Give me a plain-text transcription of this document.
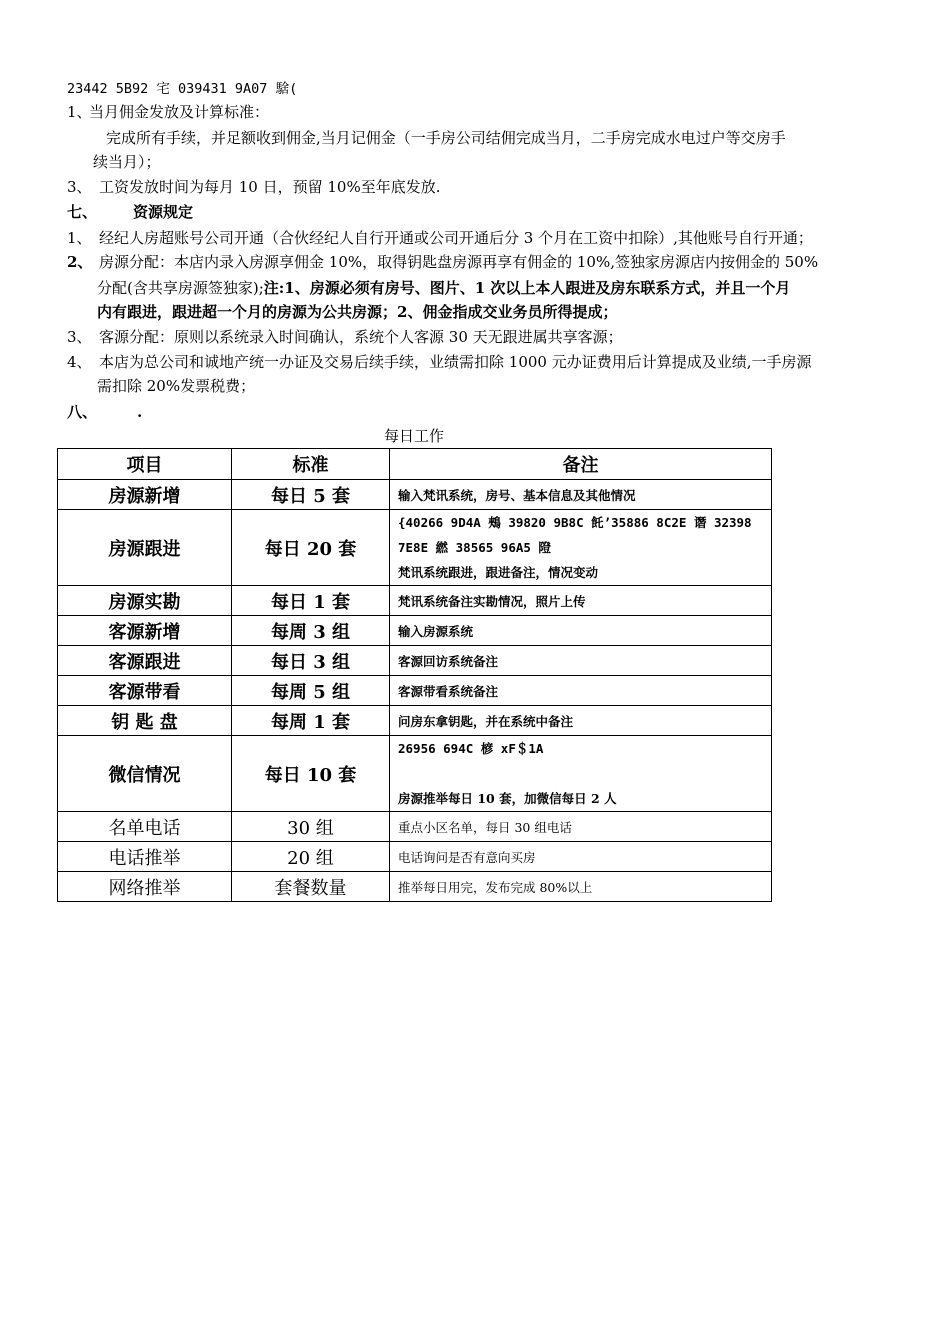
23442 5B92 宅 039431 9A07 騇(
1、当月佣金发放及计算标准：
完成所有手续，并足额收到佣金,当月记佣金（一手房公司结佣完成当月，二手房完成水电过户等交房手
续当月）；
3、 工资发放时间为每月 10 日，预留 10%至年底发放.
七、 资源规定
1、 经纪人房超账号公司开通（合伙经纪人自行开通或公司开通后分 3 个月在工资中扣除）,其他账号自行开通；
2、 房源分配：本店内录入房源享佣金 10%，取得钥匙盘房源再享有佣金的 10%,签独家房源店内按佣金的 50%
分配(含共享房源签独家);注:1、房源必须有房号、图片、1 次以上本人跟进及房东联系方式，并且一个月
内有跟进，跟进超一个月的房源为公共房源；2、佣金指成交业务员所得提成；
3、 客源分配：原则以系统录入时间确认，系统个人客源 30 天无跟进属共享客源；
4、 本店为总公司和诚地产统一办证及交易后续手续，业绩需扣除 1000 元办证费用后计算提成及业绩,一手房源
需扣除 20%发票税费；
八、	.
每日工作
项目	标准	备注
房源新增	每日 5 套	输入梵讯系统，房号、基本信息及其他情况
房源跟进	每日 20 套	{40266 9D4A 鵊 39820 9B8C 飥’35886 8C2E 谮 32398
7E8E 繎 38565 96A5 隥
梵讯系统跟进，跟进备注，情况变动

房源实勘	每日 1 套	梵讯系统备注实勘情况，照片上传
客源新增	每周 3 组	输入房源系统
客源跟进	每日 3 组	客源回访系统备注
客源带看	每周 5 组	客源带看系统备注
钥 匙 盘	每周 1 套	问房东拿钥匙，并在系统中备注
微信情况	每日 10 套	26956 694C 楌 xF＄1A

房源推举每日 10 套，加微信每日 2 人

名单电话	30 组	重点小区名单，每日 30 组电话
电话推举	20 组	电话询问是否有意向买房
网络推举	套餐数量	推举每日用完，发布完成 80%以上
